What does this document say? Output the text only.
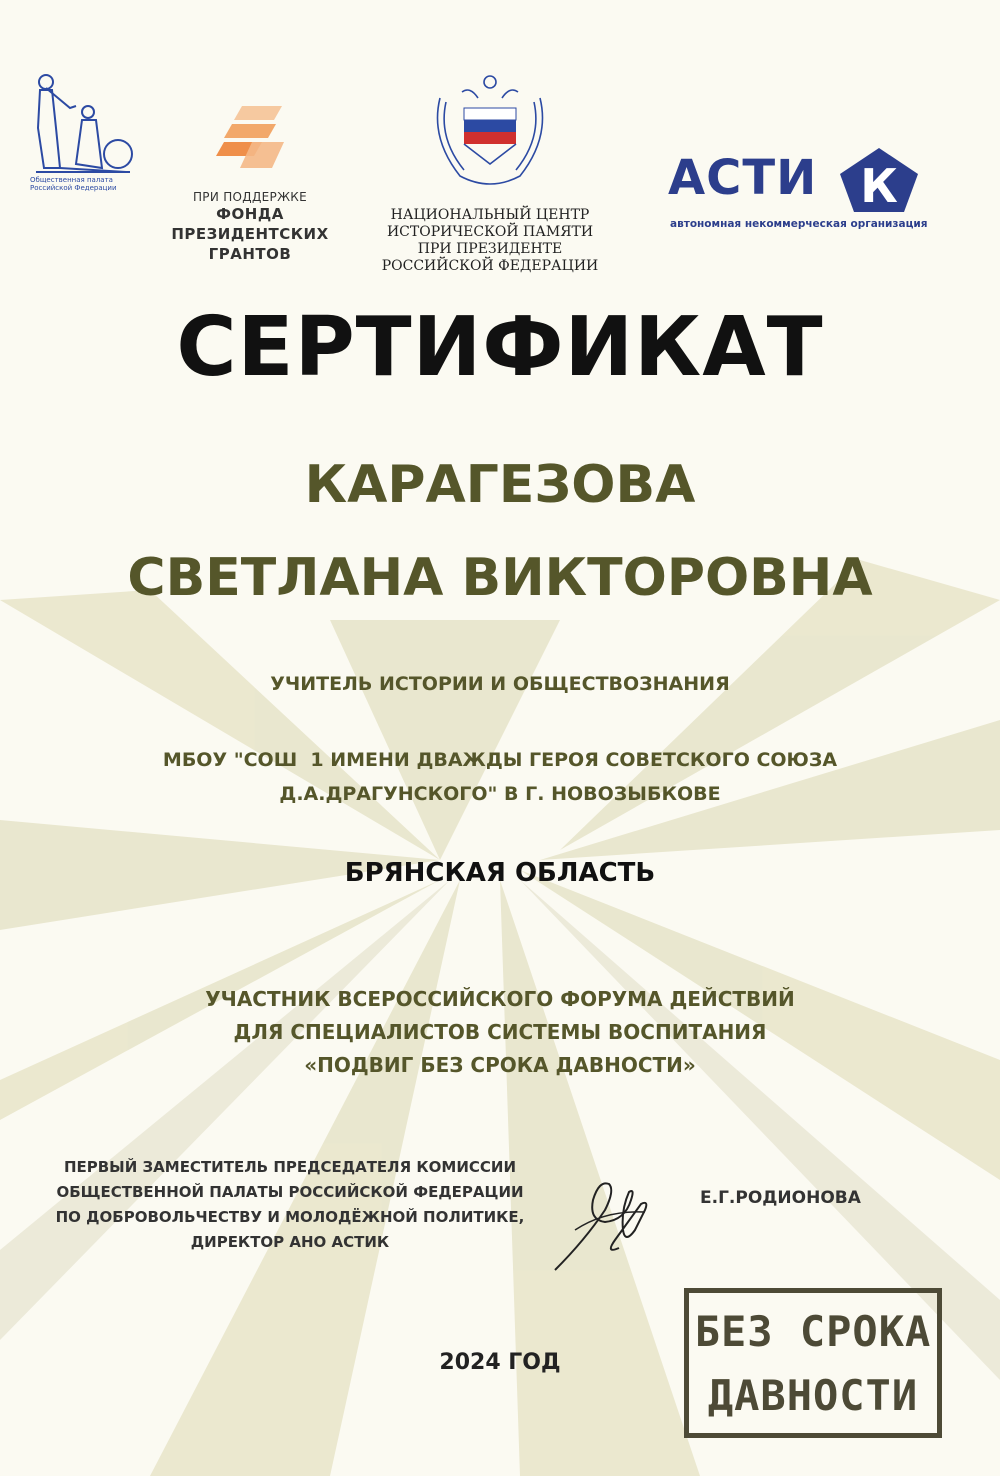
Общественная палата Российской Федерации
ПРИ ПОДДЕРЖКЕ
ФОНДА
ПРЕЗИДЕНТСКИХ
ГРАНТОВ
НАЦИОНАЛЬНЫЙ ЦЕНТР
ИСТОРИЧЕСКОЙ ПАМЯТИ
ПРИ ПРЕЗИДЕНТЕ
РОССИЙСКОЙ ФЕДЕРАЦИИ
АСТИ К
автономная некоммерческая организация
СЕРТИФИКАТ
КАРАГЕЗОВА
СВЕТЛАНА ВИКТОРОВНА
УЧИТЕЛЬ ИСТОРИИ И ОБЩЕСТВОЗНАНИЯ
МБОУ "СОШ  1 ИМЕНИ ДВАЖДЫ ГЕРОЯ СОВЕТСКОГО СОЮЗА
Д.А.ДРАГУНСКОГО" В Г. НОВОЗЫБКОВЕ
БРЯНСКАЯ ОБЛАСТЬ
УЧАСТНИК ВСЕРОССИЙСКОГО ФОРУМА ДЕЙСТВИЙ
ДЛЯ СПЕЦИАЛИСТОВ СИСТЕМЫ ВОСПИТАНИЯ
«ПОДВИГ БЕЗ СРОКА ДАВНОСТИ»
ПЕРВЫЙ ЗАМЕСТИТЕЛЬ ПРЕДСЕДАТЕЛЯ КОМИССИИ
ОБЩЕСТВЕННОЙ ПАЛАТЫ РОССИЙСКОЙ ФЕДЕРАЦИИ
ПО ДОБРОВОЛЬЧЕСТВУ И МОЛОДЁЖНОЙ ПОЛИТИКЕ,
ДИРЕКТОР АНО АСТИК
Е.Г.РОДИОНОВА
2024 ГОД
БЕЗ СРОКА
ДАВНОСТИ
